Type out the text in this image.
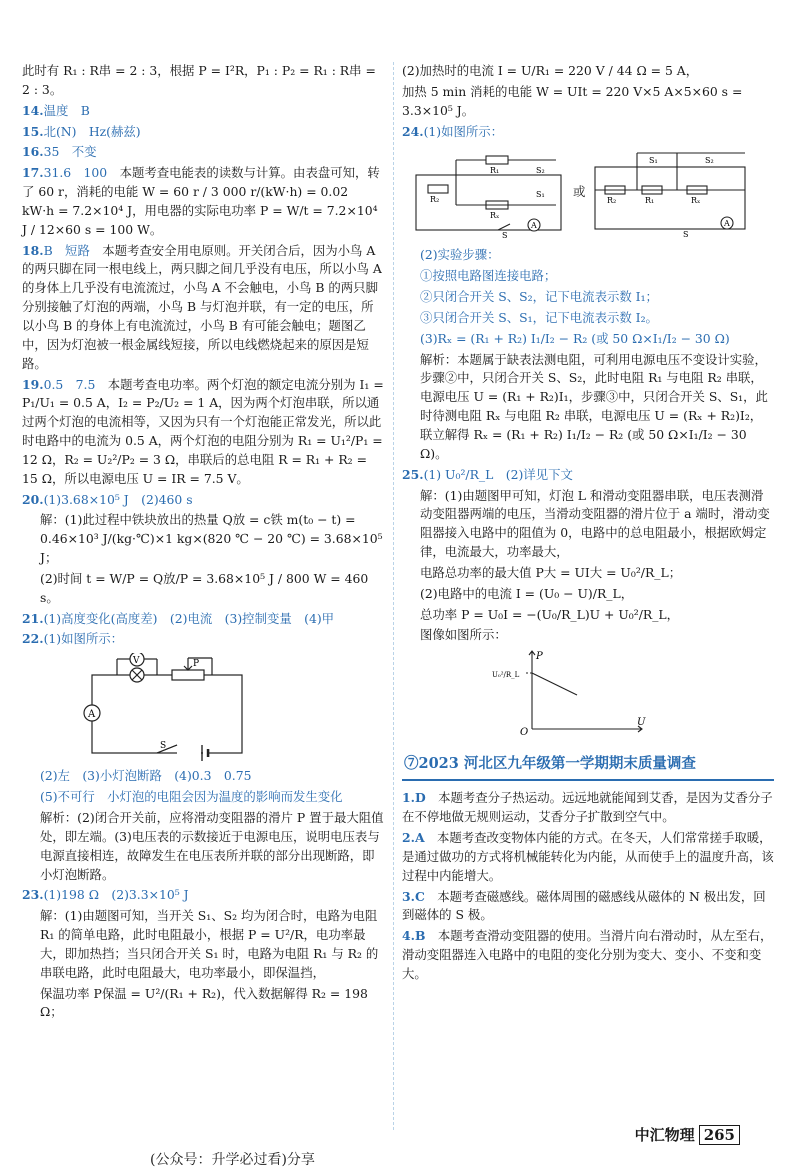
此时有 R₁ : R串 = 2 : 3，根据 P = I²R，P₁ : P₂ = R₁ : R串 = 2 : 3。

14.温度　B

15.北(N)　Hz(赫兹)

16.35　不变

17.31.6　100　 本题考查电能表的读数与计算。由表盘可知，转了 60 r，消耗的电能 W = 60 r / 3 000 r/(kW·h) = 0.02 kW·h = 7.2×10⁴ J，用电器的实际电功率 P = W/t = 7.2×10⁴ J / 12×60 s = 100 W。

18.B　短路　 本题考查安全用电原则。开关闭合后，因为小鸟 A 的两只脚在同一根电线上，两只脚之间几乎没有电压，所以小鸟 A 的身体上几乎没有电流流过，小鸟 A 不会触电，小鸟 B 的两只脚分别接触了灯泡的两端，小鸟 B 与灯泡并联，有一定的电压，所以小鸟 B 的身体上有电流流过，小鸟 B 有可能会触电；题图乙中，因为灯泡被一根金属线短接，所以电线燃烧起来的原因是短路。

19.0.5　7.5　 本题考查电功率。两个灯泡的额定电流分别为 I₁ = P₁/U₁ = 0.5 A，I₂ = P₂/U₂ = 1 A，因为两个灯泡串联，所以通过两个灯泡的电流相等，又因为只有一个灯泡能正常发光，所以此时电路中的电流为 0.5 A，两个灯泡的电阻分别为 R₁ = U₁²/P₁ = 12 Ω，R₂ = U₂²/P₂ = 3 Ω，串联后的总电阻 R = R₁ + R₂ = 15 Ω，所以电源电压 U = IR = 7.5 V。

20.(1)3.68×10⁵ J　(2)460 s

解：(1)此过程中铁块放出的热量 Q放 = c铁 m(t₀ − t) = 0.46×10³ J/(kg·℃)×1 kg×(820 ℃ − 20 ℃) = 3.68×10⁵ J；

(2)时间 t = W/P = Q放/P = 3.68×10⁵ J / 800 W = 460 s。

21.(1)高度变化(高度差)　(2)电流　(3)控制变量　(4)甲

22.(1)如图所示：

A
V	P
S

(2)左　(3)小灯泡断路　(4)0.3　0.75

(5)不可行　小灯泡的电阻会因为温度的影响而发生变化

解析：(2)闭合开关前，应将滑动变阻器的滑片 P 置于最大阻值处，即左端。(3)电压表的示数接近于电源电压，说明电压表与电源直接相连，故障发生在电压表所并联的部分出现断路，即小灯泡断路。

23.(1)198 Ω　(2)3.3×10⁵ J

解：(1)由题图可知，当开关 S₁、S₂ 均为闭合时，电路为电阻 R₁ 的简单电路，此时电阻最小，根据 P = U²/R，电功率最大，即加热挡；当只闭合开关 S₁ 时，电路为电阻 R₁ 与 R₂ 的串联电路，此时电阻最大，电功率最小，即保温挡，

保温功率 P保温 = U²/(R₁ + R₂)，代入数据解得 R₂ = 198 Ω；

(2)加热时的电流 I = U/R₁ = 220 V / 44 Ω = 5 A，

加热 5 min 消耗的电能 W = UIt = 220 V×5 A×5×60 s = 3.3×10⁵ J。

24.(1)如图所示：

R₂
R₁
Rₓ
S₂
S₁
A
S
或
R₂	R₁	Rₓ
S₁	S₂
A
S

(2)实验步骤：

①按照电路图连接电路；

②只闭合开关 S、S₂，记下电流表示数 I₁；

③只闭合开关 S、S₁，记下电流表示数 I₂。

(3)Rₓ = (R₁ + R₂) I₁/I₂ − R₂ (或 50 Ω×I₁/I₂ − 30 Ω)

解析：本题属于缺表法测电阻，可利用电源电压不变设计实验，步骤②中，只闭合开关 S、S₂，此时电阻 R₁ 与电阻 R₂ 串联，电源电压 U = (R₁ + R₂)I₁，步骤③中，只闭合开关 S、S₁，此时待测电阻 Rₓ 与电阻 R₂ 串联，电源电压 U = (Rₓ + R₂)I₂，联立解得 Rₓ = (R₁ + R₂) I₁/I₂ − R₂ (或 50 Ω×I₁/I₂ − 30 Ω)。

25.(1) U₀²/R_L　(2)详见下文

解：(1)由题图甲可知，灯泡 L 和滑动变阻器串联，电压表测滑动变阻器两端的电压，当滑动变阻器的滑片位于 a 端时，滑动变阻器接入电路中的阻值为 0，电路中的总电阻最小，根据欧姆定律，电流最大，功率最大，

电路总功率的最大值 P大 = UI大 = U₀²/R_L；

(2)电路中的电流 I = (U₀ − U)/R_L，

总功率 P = U₀I = −(U₀/R_L)U + U₀²/R_L，

图像如图所示：

P
U
O
U₀²/R_L
⑦2023 河北区九年级第一学期期末质量调查

1.D　 本题考查分子热运动。远远地就能闻到艾香，是因为艾香分子在不停地做无规则运动，艾香分子扩散到空气中。

2.A　 本题考查改变物体内能的方式。在冬天，人们常常搓手取暖，是通过做功的方式将机械能转化为内能，从而使手上的温度升高，该过程中内能增大。

3.C　 本题考查磁感线。磁体周围的磁感线从磁体的 N 极出发，回到磁体的 S 极。

4.B　 本题考查滑动变阻器的使用。当滑片向右滑动时，从左至右，滑动变阻器连入电路中的电阻的变化分别为变大、变小、不变和变大。

中汇物理 265
(公众号：升学必过看)分享
